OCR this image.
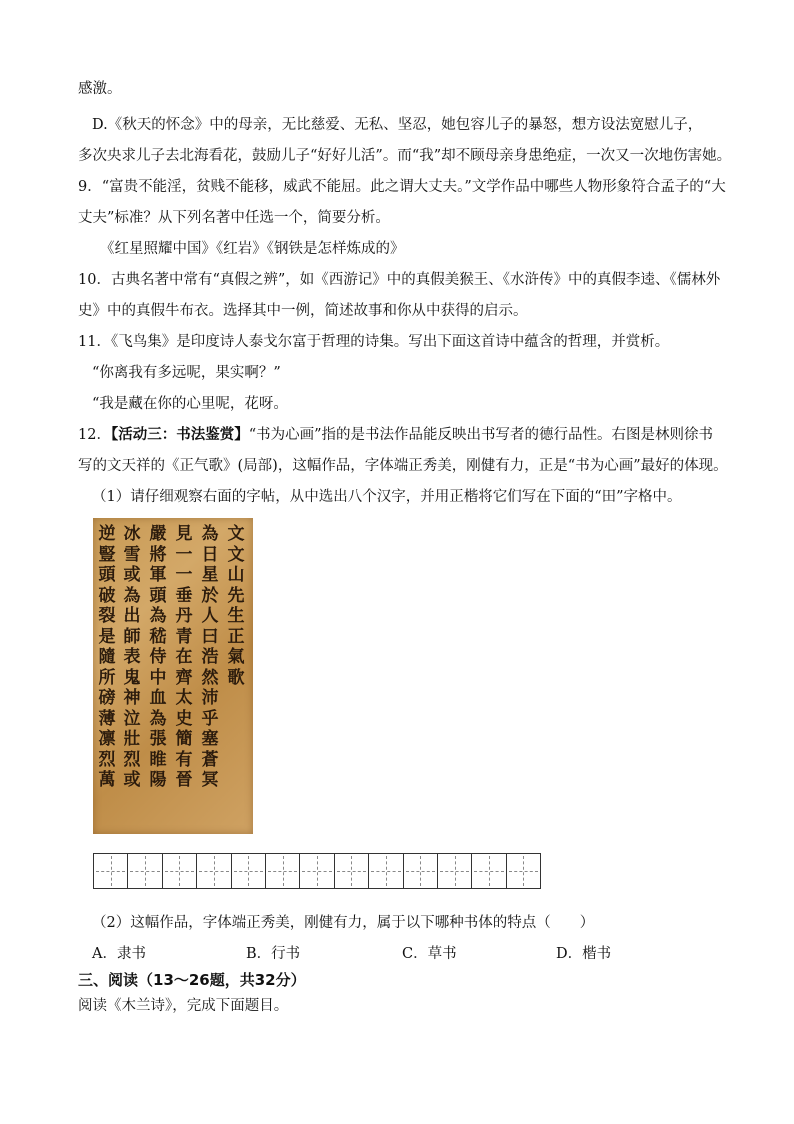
感激。
D.《秋天的怀念》中的母亲，无比慈爱、无私、坚忍，她包容儿子的暴怒，想方设法宽慰儿子，
多次央求儿子去北海看花，鼓励儿子“好好儿活”。而“我”却不顾母亲身患绝症，一次又一次地伤害她。
9．“富贵不能淫，贫贱不能移，威武不能屈。此之谓大丈夫。”文学作品中哪些人物形象符合孟子的“大
丈夫”标准？从下列名著中任选一个，简要分析。
《红星照耀中国》《红岩》《钢铁是怎样炼成的》
10．古典名著中常有“真假之辨”，如《西游记》中的真假美猴王、《水浒传》中的真假李逵、《儒林外
史》中的真假牛布衣。选择其中一例，简述故事和你从中获得的启示。
11．《飞鸟集》是印度诗人泰戈尔富于哲理的诗集。写出下面这首诗中蕴含的哲理，并赏析。
“你离我有多远呢，果实啊？”
“我是藏在你的心里呢，花呀。
12．【活动三：书法鉴赏】“书为心画”指的是书法作品能反映出书写者的德行品性。右图是林则徐书
写的文天祥的《正气歌》(局部)，这幅作品，字体端正秀美，刚健有力，正是“书为心画”最好的体现。
（1）请仔细观察右面的字帖，从中选出八个汉字，并用正楷将它们写在下面的“田”字格中。
文
文
山
先
生
正
氣
歌
為
日
星
於
人
曰
浩
然
沛
乎
塞
蒼
冥
見
一
一
垂
丹
青
在
齊
太
史
簡
有
晉
嚴
將
軍
頭
為
嵇
侍
中
血
為
張
睢
陽
冰
雪
或
為
出
師
表
鬼
神
泣
壯
烈
或
逆
豎
頭
破
裂
是
隨
所
磅
薄
凛
烈
萬
（2）这幅作品，字体端正秀美，刚健有力，属于以下哪种书体的特点（　　）
A．隶书	B．行书	C．草书	D．楷书
三、阅读（13～26题，共32分）
阅读《木兰诗》，完成下面题目。
